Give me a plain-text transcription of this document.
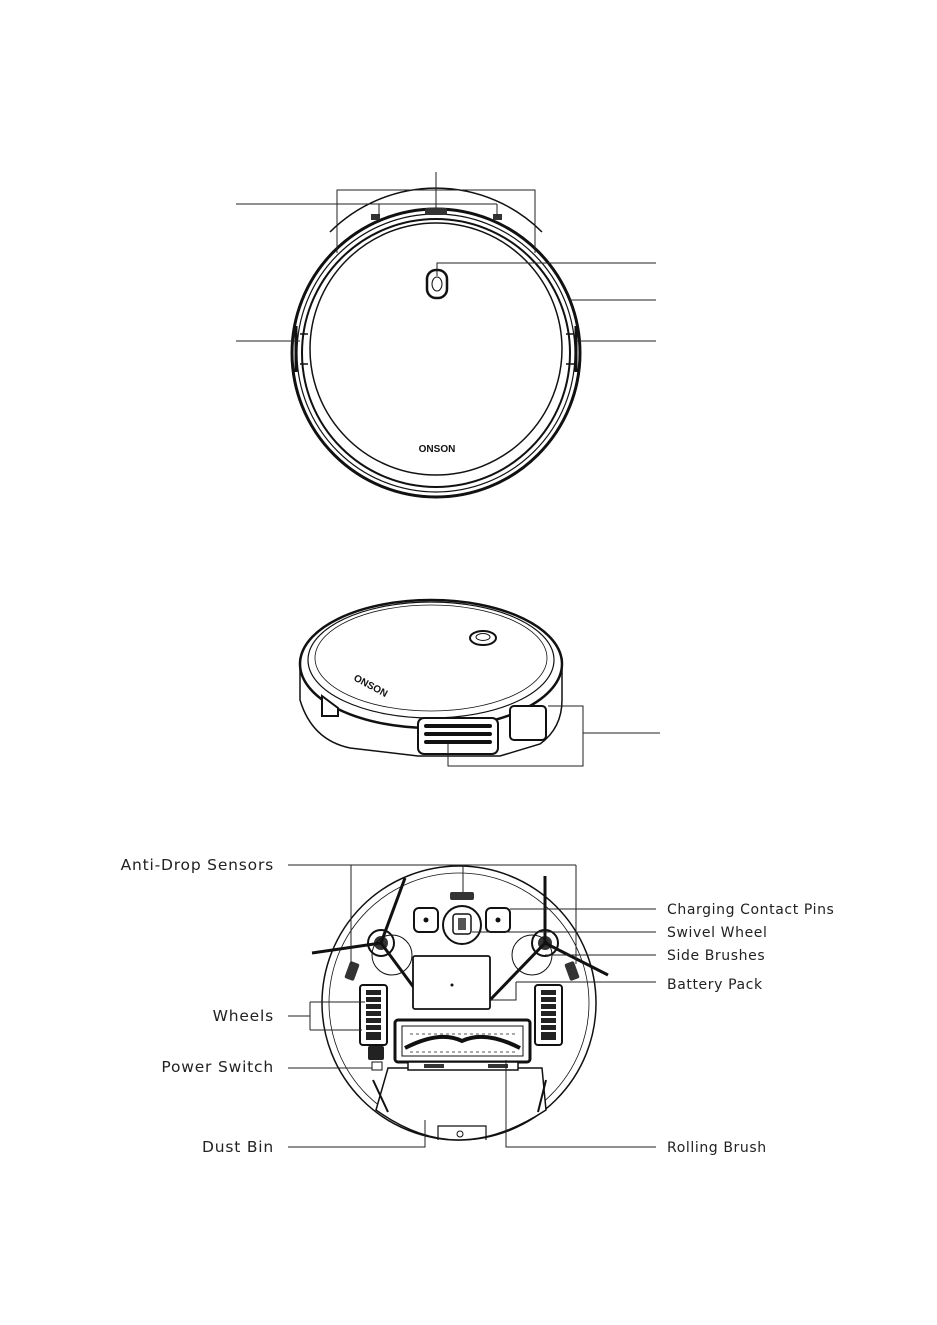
ONSON
ONSON
Anti-Drop Sensors
Wheels
Power Switch
Dust Bin
Charging Contact Pins
Swivel Wheel
Side Brushes
Battery Pack
Rolling Brush
